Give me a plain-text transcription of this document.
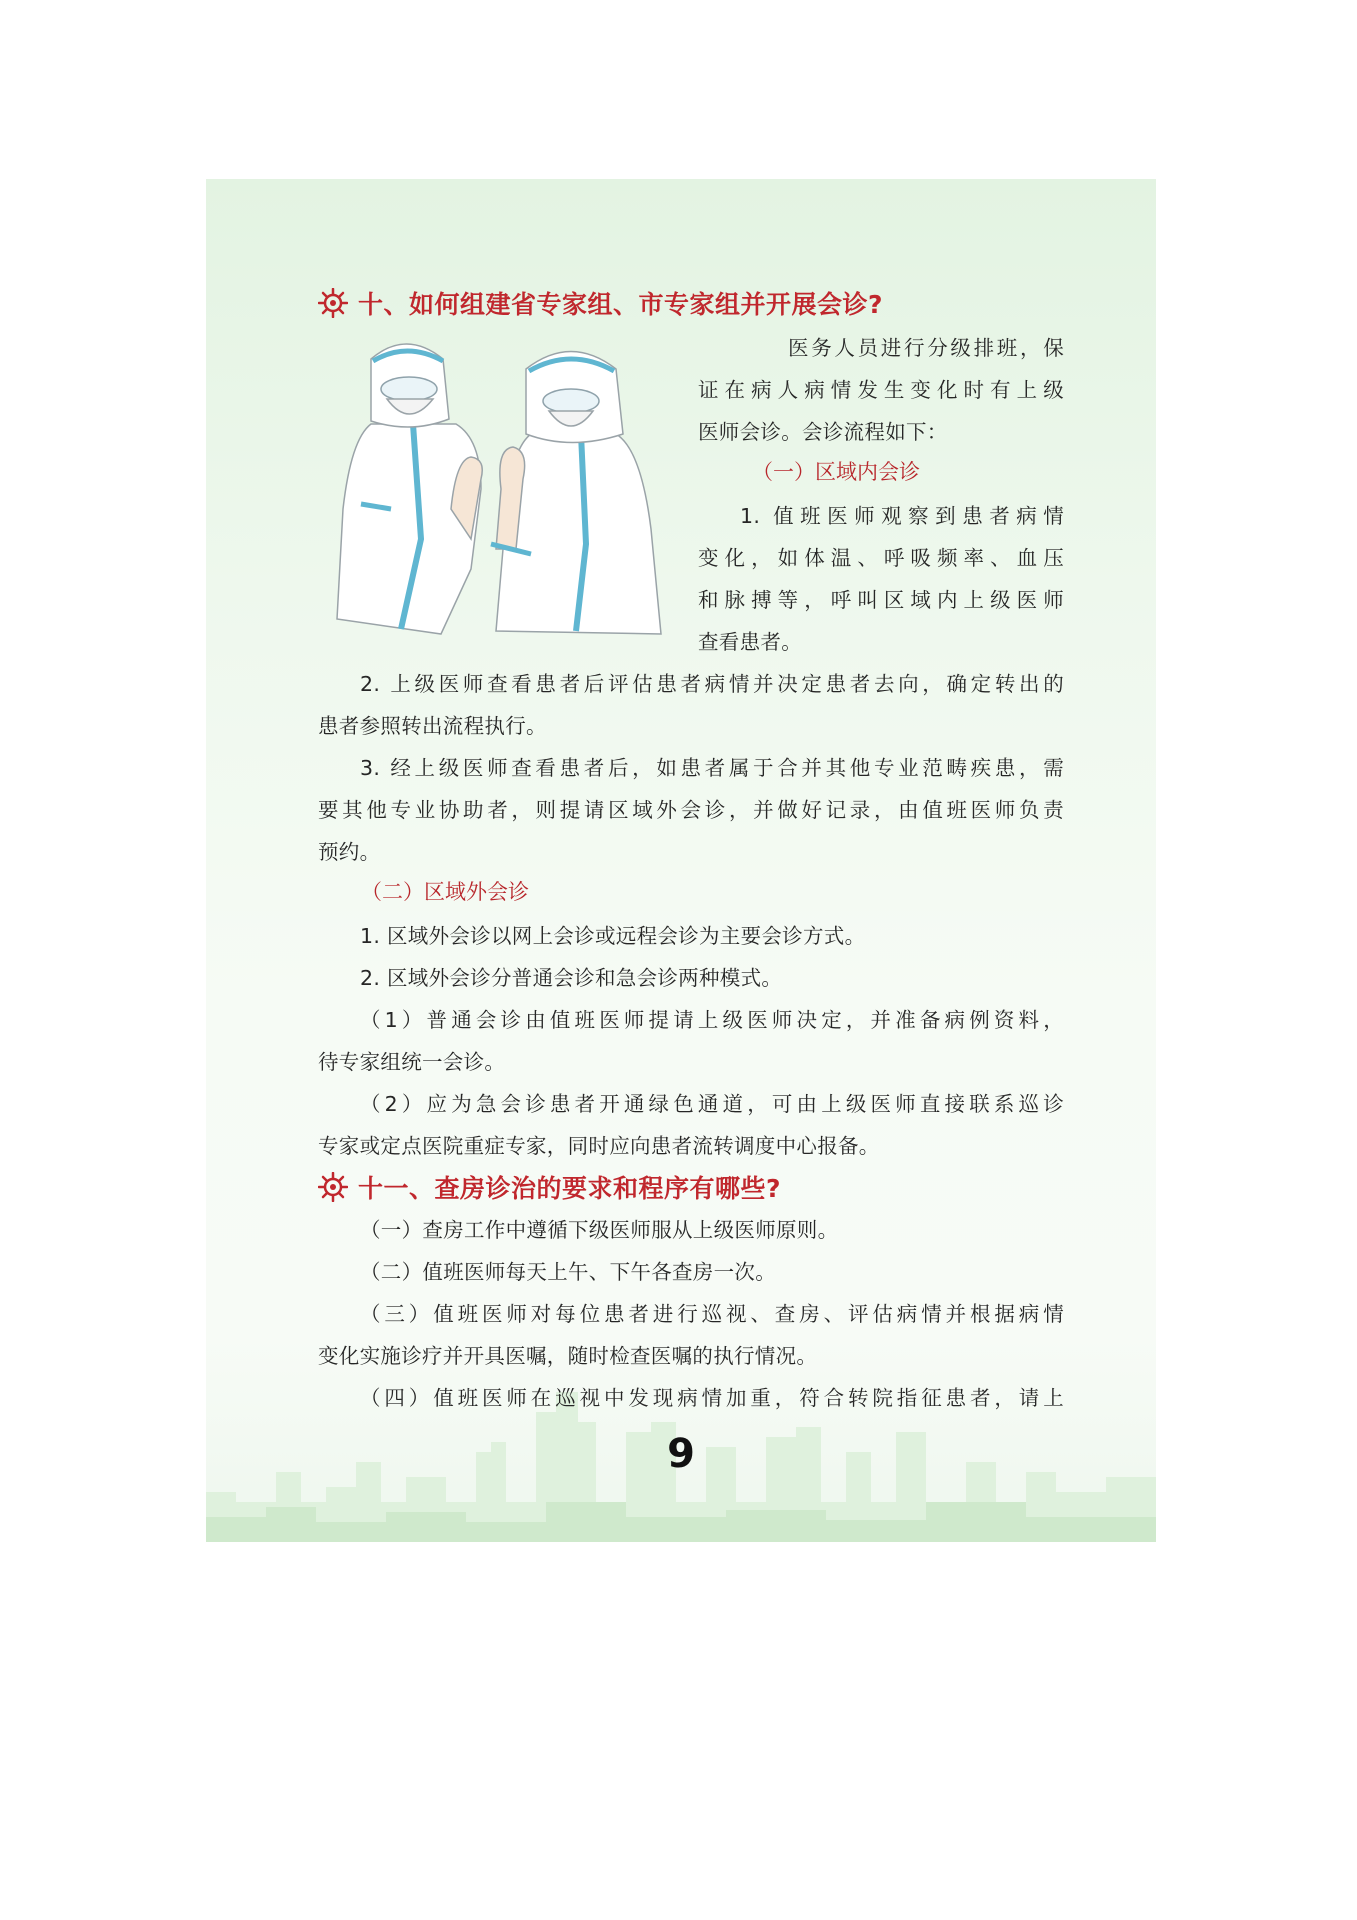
十、如何组建省专家组、市专家组并开展会诊?

医务人员进行分级排班，保
证在病人病情发生变化时有上级
医师会诊。会诊流程如下：
（一）区域内会诊
1. 值班医师观察到患者病情
变化，如体温、呼吸频率、血压
和脉搏等，呼叫区域内上级医师
查看患者。
2. 上级医师查看患者后评估患者病情并决定患者去向，确定转出的
患者参照转出流程执行。
3. 经上级医师查看患者后，如患者属于合并其他专业范畴疾患，需
要其他专业协助者，则提请区域外会诊，并做好记录，由值班医师负责
预约。
（二）区域外会诊
1. 区域外会诊以网上会诊或远程会诊为主要会诊方式。
2. 区域外会诊分普通会诊和急会诊两种模式。
（1）普通会诊由值班医师提请上级医师决定，并准备病例资料，
待专家组统一会诊。
（2）应为急会诊患者开通绿色通道，可由上级医师直接联系巡诊
专家或定点医院重症专家，同时应向患者流转调度中心报备。
十一、查房诊治的要求和程序有哪些?
（一）查房工作中遵循下级医师服从上级医师原则。
（二）值班医师每天上午、下午各查房一次。
（三）值班医师对每位患者进行巡视、查房、评估病情并根据病情
变化实施诊疗并开具医嘱，随时检查医嘱的执行情况。
（四）值班医师在巡视中发现病情加重，符合转院指征患者，请上
9
